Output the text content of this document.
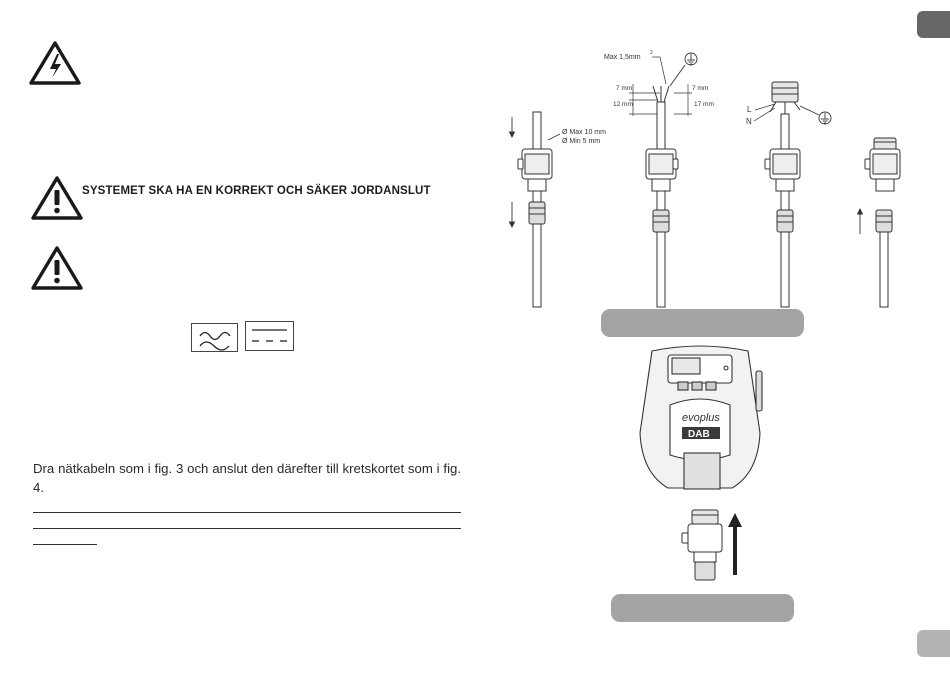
SYSTEMET SKA HA EN KORREKT OCH SÄKER JORDANSLUT
Dra nätkabeln som i fig. 3 och anslut den därefter till kretskortet som i fig. 4.
Max 1,5mm
2
7 mm	7 mm
12 mm	17 mm
Ø Max 10 mm
Ø Min 5 mm
L
N
evoplus
DAB
